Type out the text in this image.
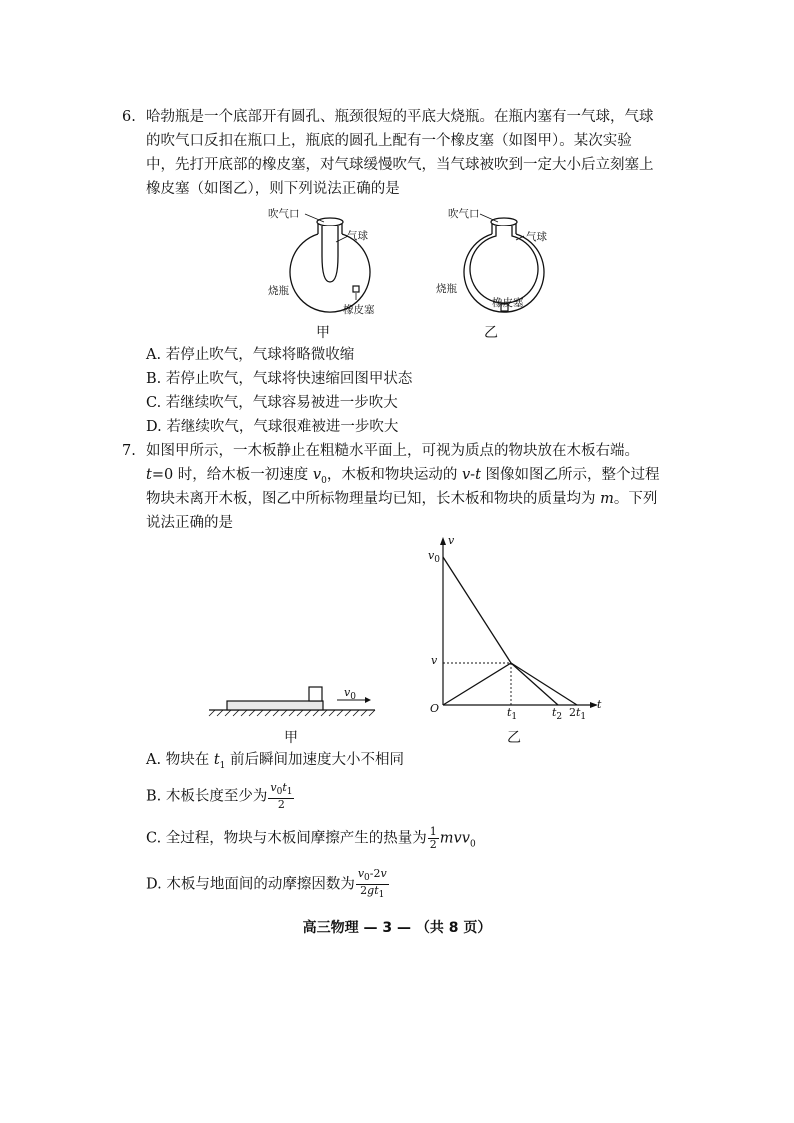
6. 哈勃瓶是一个底部开有圆孔、瓶颈很短的平底大烧瓶。在瓶内塞有一气球，气球
的吹气口反扣在瓶口上，瓶底的圆孔上配有一个橡皮塞（如图甲）。某次实验
中，先打开底部的橡皮塞，对气球缓慢吹气，当气球被吹到一定大小后立刻塞上
橡皮塞（如图乙），则下列说法正确的是
吹气口
气球
烧瓶
橡皮塞
甲
吹气口
气球
烧瓶
橡皮塞
乙
A. 若停止吹气，气球将略微收缩
B. 若停止吹气，气球将快速缩回图甲状态
C. 若继续吹气，气球容易被进一步吹大
D. 若继续吹气，气球很难被进一步吹大
7. 如图甲所示，一木板静止在粗糙水平面上，可视为质点的物块放在木板右端。
t=0 时，给木板一初速度 $v_0$，木板和物块运动的 v-t 图像如图乙所示，整个过程
物块未离开木板，图乙中所标物理量均已知，长木板和物块的质量均为 m。下列
说法正确的是
$v_0$
甲
v
t
O
$v_0$
v
$t_1$	$t_2$ $2t_1$
乙
A. 物块在 $t_1$ 前后瞬间加速度大小不相同
B. 木板长度至少为 $\frac{v_0t_1}{2}$
C. 全过程，物块与木板间摩擦产生的热量为 $\frac{1}{2} mvv_0$
D. 木板与地面间的动摩擦因数为 $\frac{v_0-2v}{2gt_1}$
高三物理 — 3 — （共 8 页）
